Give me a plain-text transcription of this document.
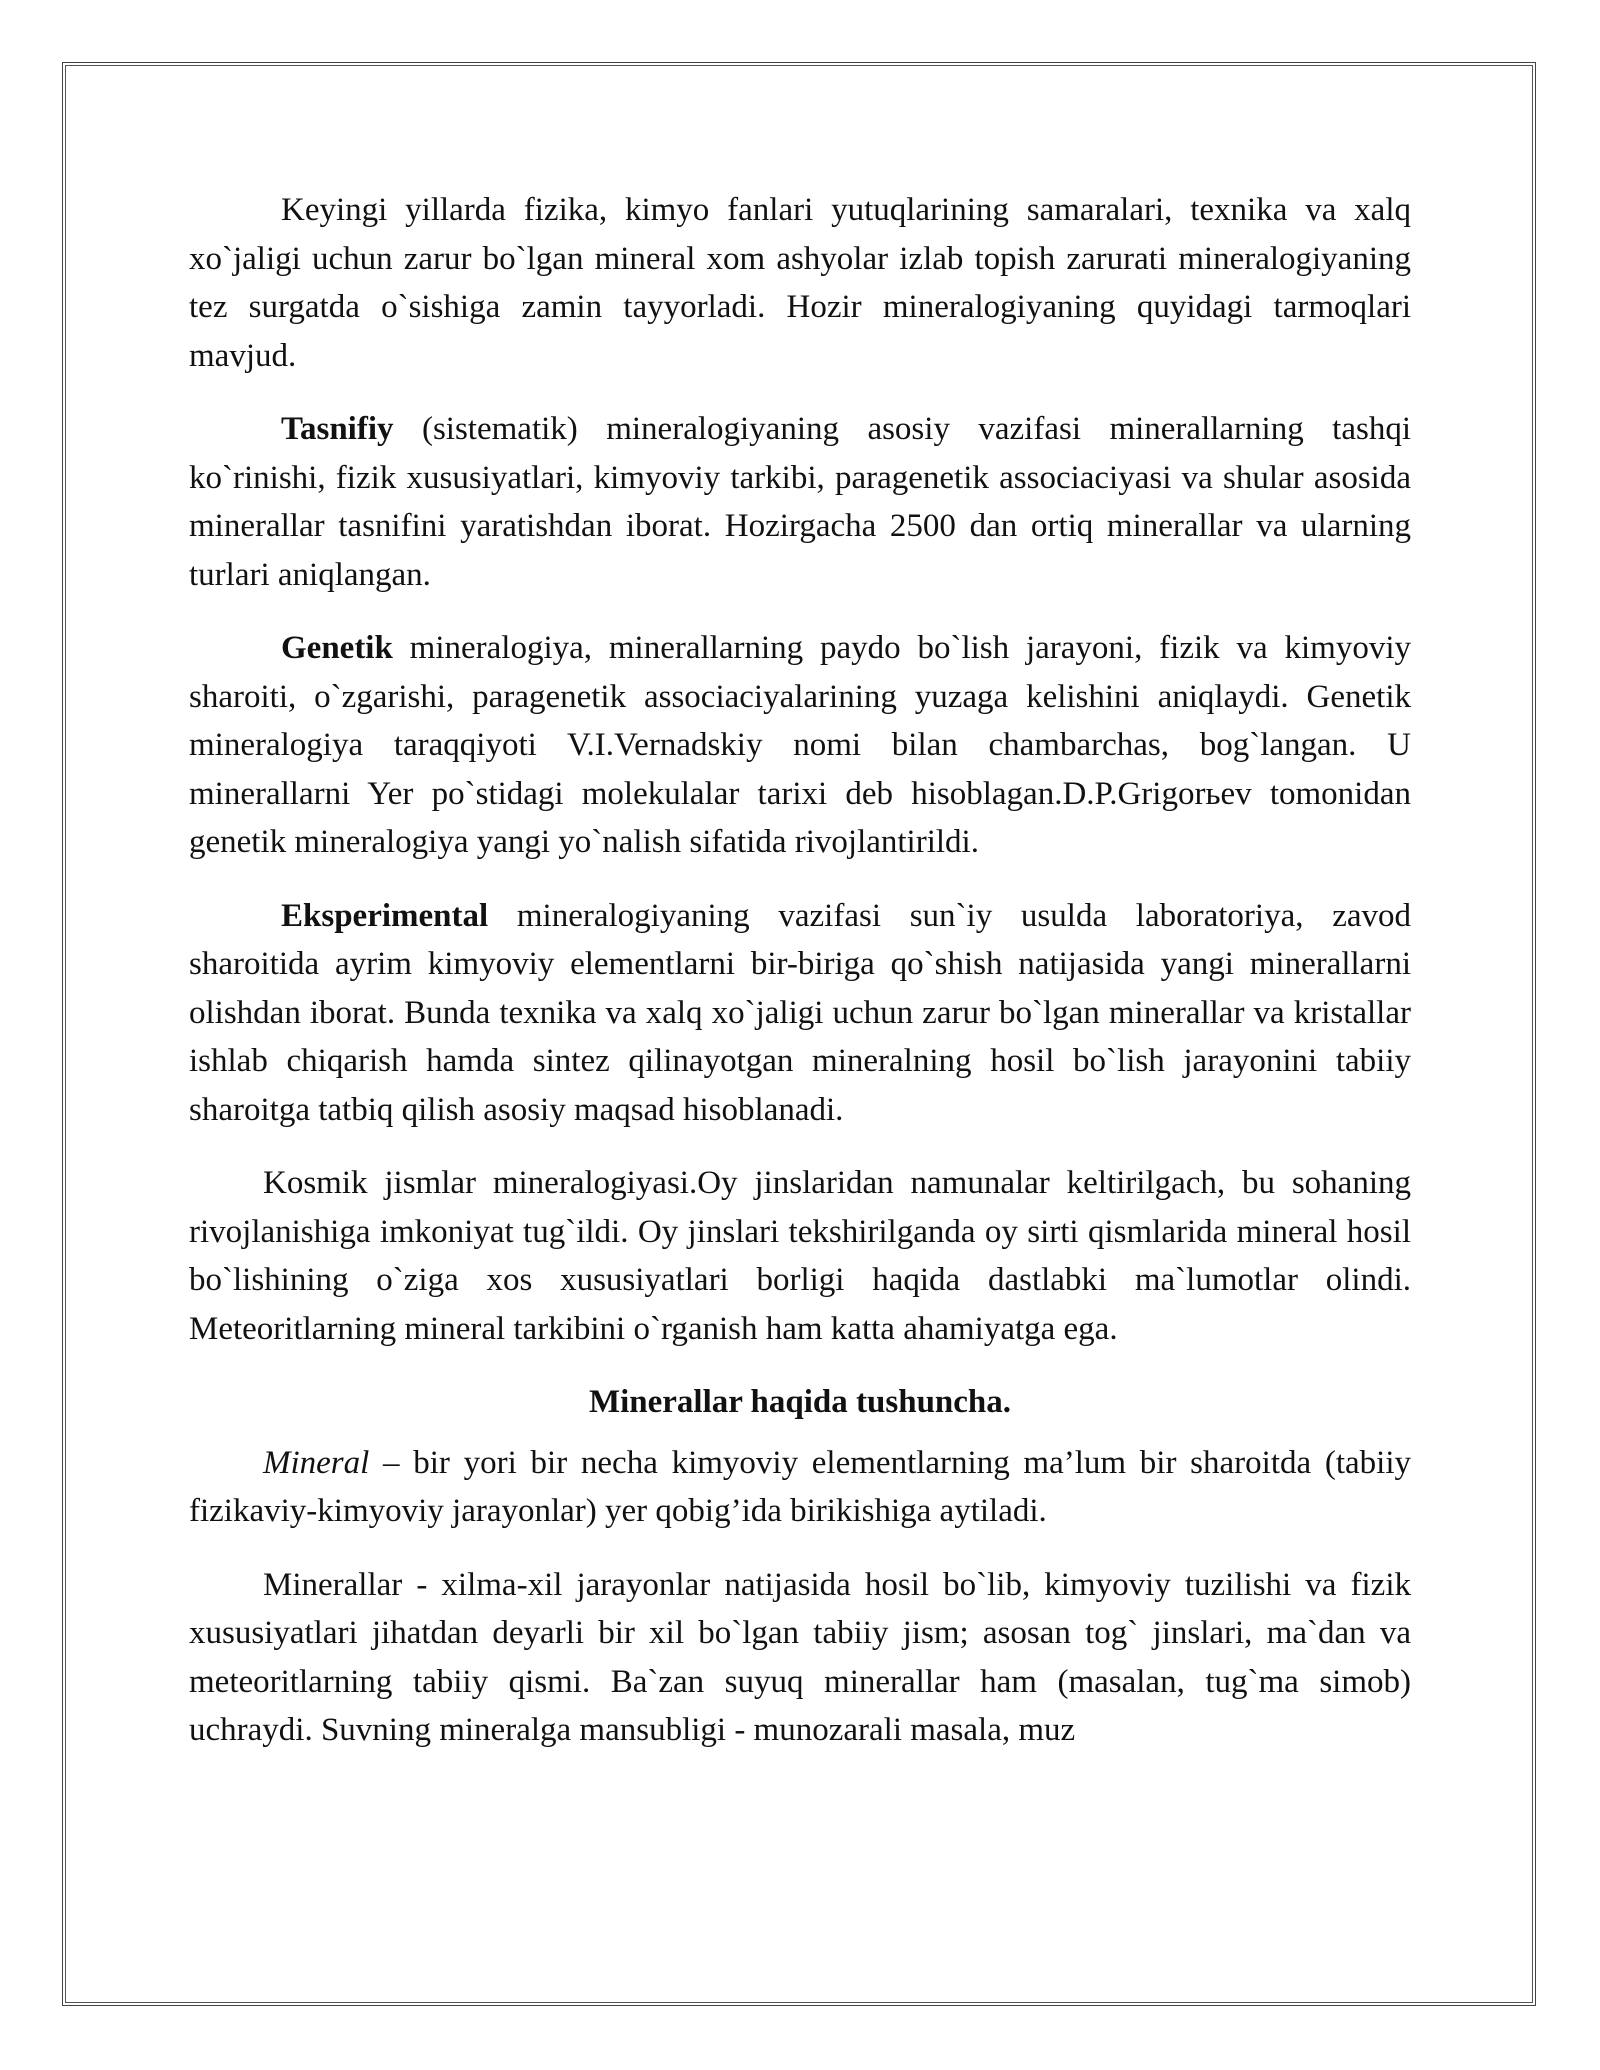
Keyingi yillarda fizika, kimyo fanlari yutuqlarining samaralari, texnika va xalq xo`jaligi uchun zarur bo`lgan mineral xom ashyolar izlab topish zarurati mineralogiyaning tez surgatda o`sishiga zamin tayyorladi. Hozir mineralogiyaning quyidagi tarmoqlari mavjud.

Tasnifiy (sistematik) mineralogiyaning asosiy vazifasi minerallarning tashqi ko`rinishi, fizik xususiyatlari, kimyoviy tarkibi, paragenetik associaciyasi va shular asosida minerallar tasnifini yaratishdan iborat. Hozirgacha 2500 dan ortiq minerallar va ularning turlari aniqlangan.

Genetik mineralogiya, minerallarning paydo bo`lish jarayoni, fizik va kimyoviy sharoiti, o`zgarishi, paragenetik associaciyalarining yuzaga kelishini aniqlaydi. Genetik mineralogiya taraqqiyoti V.I.Vernadskiy nomi bilan chambarchas, bog`langan. U minerallarni Yer po`stidagi molekulalar tarixi deb hisoblagan.D.P.Grigorьev tomonidan genetik mineralogiya yangi yo`nalish sifatida rivojlantirildi.

Eksperimental mineralogiyaning vazifasi sun`iy usulda laboratoriya, zavod sharoitida ayrim kimyoviy elementlarni bir-biriga qo`shish natijasida yangi minerallarni olishdan iborat. Bunda texnika va xalq xo`jaligi uchun zarur bo`lgan minerallar va kristallar ishlab chiqarish hamda sintez qilinayotgan mineralning hosil bo`lish jarayonini tabiiy sharoitga tatbiq qilish asosiy maqsad hisoblanadi.

Kosmik jismlar mineralogiyasi.Oy jinslaridan namunalar keltirilgach, bu sohaning rivojlanishiga imkoniyat tug`ildi. Oy jinslari tekshirilganda oy sirti qismlarida mineral hosil bo`lishining o`ziga xos xususiyatlari borligi haqida dastlabki ma`lumotlar olindi. Meteoritlarning mineral tarkibini o`rganish ham katta ahamiyatga ega.

Minerallar haqida tushuncha.

Mineral – bir yori bir necha kimyoviy elementlarning ma’lum bir sharoitda (tabiiy fizikaviy-kimyoviy jarayonlar) yer qobig’ida birikishiga aytiladi.

Minerallar - xilma-xil jarayonlar natijasida hosil bo`lib, kimyoviy tuzilishi va fizik xususiyatlari jihatdan deyarli bir xil bo`lgan tabiiy jism; asosan tog` jinslari, ma`dan va meteoritlarning tabiiy qismi. Ba`zan suyuq minerallar ham (masalan, tug`ma simob) uchraydi. Suvning mineralga mansubligi - munozarali masala, muz
